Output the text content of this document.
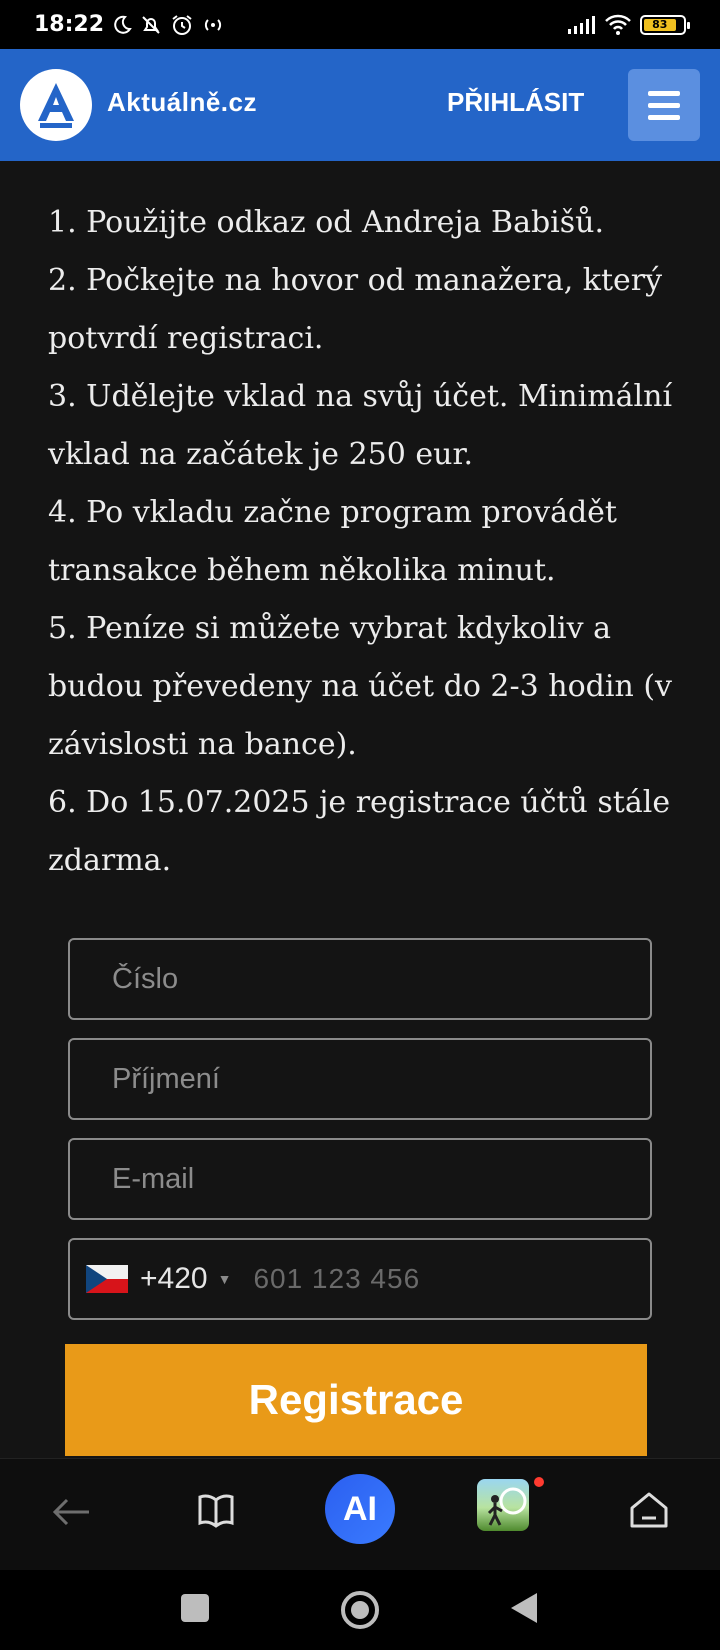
18:22	83
Aktuálně.cz	PŘIHLÁSIT

1. Použijte odkaz od Andreja Babišů.

2. Počkejte na hovor od manažera, který potvrdí registraci.

3. Udělejte vklad na svůj účet. Minimální vklad na začátek je 250 eur.

4. Po vkladu začne program provádět transakce během několika minut.

5. Peníze si můžete vybrat kdykoliv a budou převedeny na účet do 2-3 hodin (v závislosti na bance).

6. Do 15.07.2025 je registrace účtů stále zdarma.

Číslo
Příjmení
E-mail
+420 ▼
601 123 456
Registrace
AI
